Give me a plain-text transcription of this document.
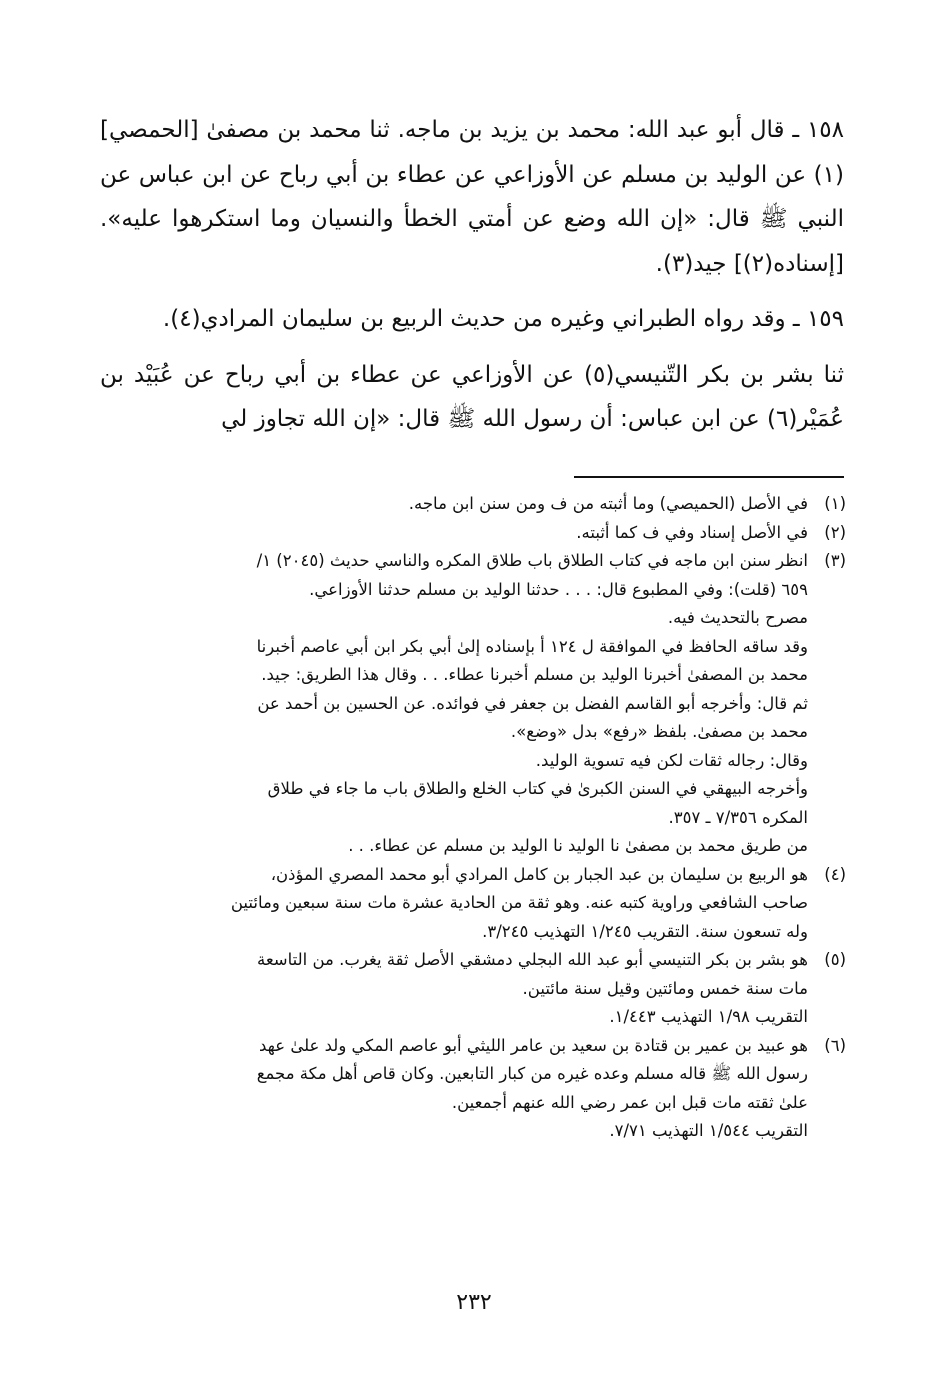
١٥٨ ـ قال أبو عبد الله: محمد بن يزيد بن ماجه. ثنا محمد بن مصفىٰ [الحمصي](١) عن الوليد بن مسلم عن الأوزاعي عن عطاء بن أبي رباح عن ابن عباس عن النبي ﷺ قال: «إن الله وضع عن أمتي الخطأ والنسيان وما استكرهوا عليه». [إسناده(٢)] جيد(٣).

١٥٩ ـ وقد رواه الطبراني وغيره من حديث الربيع بن سليمان المرادي(٤).

ثنا بشر بن بكر التّنيسي(٥) عن الأوزاعي عن عطاء بن أبي رباح عن عُبَيْد بن عُمَيْر(٦) عن ابن عباس: أن رسول الله ﷺ قال: «إن الله تجاوز لي

(١)
في الأصل (الحميصي) وما أثبته من ف ومن سنن ابن ماجه.
(٢)
في الأصل إسناد وفي ف كما أثبته.
(٣)
انظر سنن ابن ماجه في كتاب الطلاق باب طلاق المكره والناسي حديث (٢٠٤٥) ١/
٦٥٩ (قلت): وفي المطبوع قال: . . . حدثنا الوليد بن مسلم حدثنا الأوزاعي.
مصرح بالتحديث فيه.
وقد ساقه الحافظ في الموافقة ل ١٢٤ أ بإسناده إلىٰ أبي بكر ابن أبي عاصم أخبرنا
محمد بن المصفىٰ أخبرنا الوليد بن مسلم أخبرنا عطاء. . . وقال هذا الطريق: جيد.
ثم قال: وأخرجه أبو القاسم الفضل بن جعفر في فوائده. عن الحسين بن أحمد عن
محمد بن مصفىٰ. بلفظ «رفع» بدل «وضع».
وقال: رجاله ثقات لكن فيه تسوية الوليد.
وأخرجه البيهقي في السنن الكبرىٰ في كتاب الخلع والطلاق باب ما جاء في طلاق
المكره ٧/٣٥٦ ـ ٣٥٧.
من طريق محمد بن مصفىٰ نا الوليد نا الوليد بن مسلم عن عطاء. . .
(٤)
هو الربيع بن سليمان بن عبد الجبار بن كامل المرادي أبو محمد المصري المؤذن،
صاحب الشافعي وراوية كتبه عنه. وهو ثقة من الحادية عشرة مات سنة سبعين ومائتين
وله تسعون سنة. التقريب ١/٢٤٥ التهذيب ٣/٢٤٥.
(٥)
هو بشر بن بكر التنيسي أبو عبد الله البجلي دمشقي الأصل ثقة يغرب. من التاسعة
مات سنة خمس ومائتين وقيل سنة مائتين.
التقريب ١/٩٨ التهذيب ١/٤٤٣.
(٦)
هو عبيد بن عمير بن قتادة بن سعيد بن عامر الليثي أبو عاصم المكي ولد علىٰ عهد
رسول الله ﷺ قاله مسلم وعده غيره من كبار التابعين. وكان قاص أهل مكة مجمع
علىٰ ثقته مات قبل ابن عمر رضي الله عنهم أجمعين.
التقريب ١/٥٤٤ التهذيب ٧/٧١.
٢٣٢
